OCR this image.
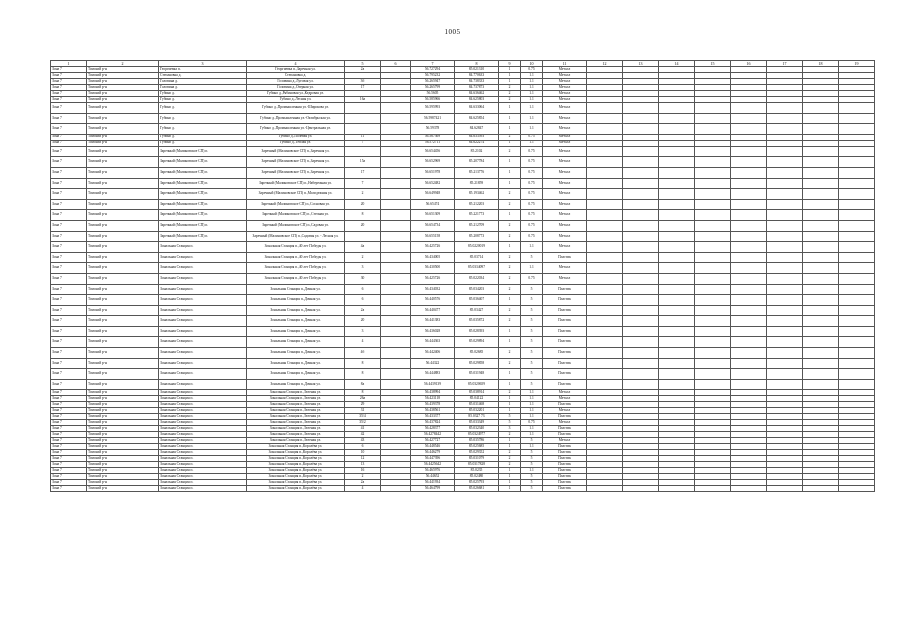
1005
1	2	3	4	5	6	7	8	9	10	11	12	13	14	15	16	17	18	19
Зона 7	Томский р-н	Георгиевка п.	Георгиевка п.,Заречная ул.	2а		56.727294	85.021310	1	0.75	Металл								
Зона 7	Томский р-н	Степановка д.	Степановка д.			56.795232	84.770633	1	1.1	Металл								
Зона 7	Томский р-н	Головина д.	Головина д.,Луговая ул.	3б		56.265947	84.738333	1	1.1	Металл								
Зона 7	Томский р-н	Головина д.	Головина д.,Озерная ул.	17		56.265799	84.737873	2	1.1	Металл								
Зона 7	Томский р-н	Губино д.	Губино д.,Рябиновая ул.,Кедровая ул.			56.5605	84.636462	2	1.1	Металл								
Зона 7	Томский р-н	Губино д.	Губино д.,Лесная ул.	16а		56.585966	84.625803	2	1.1	Металл								
Зона 7	Томский р-н	Губино д.	Губино д.,Промышленная ул.-Широкова ул.			56.595993	84.633064	1	1.1	Металл								
Зона 7	Томский р-н	Губино д.	Губино д.,Промышленная ул.-Октябрьская ул.			56.5987421	84.625854	1	1.1	Металл								
Зона 7	Томский р-н	Губино д.	Губино д.,Промышленная ул.-Центральная ул.			56.59378	84.62847	1	1.1	Металл								
Зона 7	Томский р-н	Губино д.	Губино д.,Полевая ул.	11		56.567369	84.633593	2	0.75	Металл								
Зона 7	Томский р-н	Губино д.	Губино д.,Теплая ул.	7		56.572711	84.622274	1	1.1	Металл								
Зона 7	Томский р-н	Заречный (Малиновское СП) п.	Заречный (Малиновское СП) п.,Заречная ул.			56.654456	85.2102	2	0.75	Металл								
Зона 7	Томский р-н	Заречный (Малиновское СП) п.	Заречный (Малиновское СП) п.,Заречная ул.	15а		56.652969	85.207784	1	0.75	Металл								
Зона 7	Томский р-н	Заречный (Малиновское СП) п.	Заречный (Малиновское СП) п.,Заречная ул.	17		56.651978	85.213776	1	0.75	Металл								
Зона 7	Томский р-н	Заречный (Малиновское СП) п.	Заречный (Малиновское СП) п.,Набережная ул.	7		56.652482	85.21859	1	0.75	Металл								
Зона 7	Томский р-н	Заречный (Малиновское СП) п.	Заречный (Малиновское СП) п.,Молодежная ул.	2		56.649948	85.193462	2	0.75	Металл								
Зона 7	Томский р-н	Заречный (Малиновское СП) п.	Заречный (Малиновское СП) п.,Сосновая ул.	20		56.65474	85.212203	2	0.75	Металл								
Зона 7	Томский р-н	Заречный (Малиновское СП) п.	Заречный (Малиновское СП) п.,Степная ул.	8		56.651309	85.221773	1	0.75	Металл								
Зона 7	Томский р-н	Заречный (Малиновское СП) п.	Заречный (Малиновское СП) п.,Садовая ул.	20		56.654734	85.212709	2	0.75	Металл								
Зона 7	Томский р-н	Заречный (Малиновское СП) п.	Заречный (Малиновское СП) п.,Садовая ул. - Лесная ул.			56.655158	85.208773	2	0.75	Металл								
Зона 7	Томский р-н	Зональная Станция п.	Зональная Станция п.,40 лет Победы ул.	4а		56.425726	85.0220019	1	1.1	Металл								
Зона 7	Томский р-н	Зональная Станция п.	Зональная Станция п.,40 лет Победы ул.	2		56.434005	85.03714	2	5	Пластик								
Зона 7	Томский р-н	Зональная Станция п.	Зональная Станция п.,40 лет Победы ул.	3		56.430500	85.0334097	2	1.1	Металл								
Зона 7	Томский р-н	Зональная Станция п.	Зональная Станция п.,40 лет Победы ул.	30		56.425726	85.022034	2	0.75	Металл								
Зона 7	Томский р-н	Зональная Станция п.	Зональная Станция п.,Дачная ул.	6		56.434032	85.034203	2	5	Пластик								
Зона 7	Томский р-н	Зональная Станция п.	Зональная Станция п.,Дачная ул.	6		56.440576	85.036407	1	5	Пластик								
Зона 7	Томский р-н	Зональная Станция п.	Зональная Станция п.,Дачная ул.	2а		56.440477	85.03427	2	5	Пластик								
Зона 7	Томский р-н	Зональная Станция п.	Зональная Станция п.,Дачная ул.	20		56.441383	85.035872	2	5	Пластик								
Зона 7	Томский р-н	Зональная Станция п.	Зональная Станция п.,Дачная ул.	3		56.436028	85.028393	1	5	Пластик								
Зона 7	Томский р-н	Зональная Станция п.	Зональная Станция п.,Дачная ул.	4		56.444363	85.029894	1	5	Пластик								
Зона 7	Томский р-н	Зональная Станция п.	Зональная Станция п.,Дачная ул.	4б		56.442406	85.02685	2	5	Пластик								
Зона 7	Томский р-н	Зональная Станция п.	Зональная Станция п.,Дачная ул.	8		56.44322	85.029858	2	5	Пластик								
Зона 7	Томский р-н	Зональная Станция п.	Зональная Станция п.,Дачная ул.	8		56.444883	85.031948	1	5	Пластик								
Зона 7	Томский р-н	Зональная Станция п.	Зональная Станция п.,Дачная ул.	8а		56.4439139	85.0320659	1	5	Пластик								
Зона 7	Томский р-н	Зональная Станция п.	Зональная Станция п.,Зеленая ул.	8		56.438994	85.038914	2	1.1	Металл								
Зона 7	Томский р-н	Зональная Станция п.	Зональная Станция п.,Зеленая ул.	26а		56.423118	85.04122	1	1.1	Металл								
Зона 7	Томский р-н	Зональная Станция п.	Зональная Станция п.,Зеленая ул.	29		56.439378	85.031468	1	1.1	Пластик								
Зона 7	Томский р-н	Зональная Станция п.	Зональная Станция п.,Зеленая ул.	31		56.438561	85.032201	1	1.1	Металл								
Зона 7	Томский р-н	Зональная Станция п.	Зональная Станция п.,Зеленая ул.	35/4		56.433377	85.0327 73	5	1.1	Пластик								
Зона 7	Томский р-н	Зональная Станция п.	Зональная Станция п.,Зеленая ул.	35/2		56.437824	85.033349	5	0.75	Металл								
Зона 7	Томский р-н	Зональная Станция п.	Зональная Станция п.,Зеленая ул.	41		56.428377	85.032340	3	1.1	Пластик								
Зона 7	Томский р-н	Зональная Станция п.	Зональная Станция п.,Зеленая ул.	42		56.4278442	85.0324977	2	1.1	Пластик								
Зона 7	Томский р-н	Зональная Станция п.	Зональная Станция п.,Зеленая ул.	43		56.427727	85.035786	1	5	Металл								
Зона 7	Томский р-н	Зональная Станция п.	Зональная Станция п.,Королёва ул.	6		56.448546	85.025685	1	1.1	Пластик								
Зона 7	Томский р-н	Зональная Станция п.	Зональная Станция п.,Королёва ул.	10		56.446279	85.029352	2	5	Пластик								
Зона 7	Томский р-н	Зональная Станция п.	Зональная Станция п.,Королёва ул.	12		56.447396	85.031079	2	5	Пластик								
Зона 7	Томский р-н	Зональная Станция п.	Зональная Станция п.,Королёва ул.	13		56.4425642	85.0317828	2	5	Пластик								
Зона 7	Томский р-н	Зональная Станция п.	Зональная Станция п.,Королёва ул.	16		56.465976	85.0235	1	1.1	Пластик								
Зона 7	Томский р-н	Зональная Станция п.	Зональная Станция п.,Королёва ул.	2		56.44652	85.02480	1	5	Пластик								
Зона 7	Томский р-н	Зональная Станция п.	Зональная Станция п.,Королёва ул.	2а		56.441934	85.025793	1	5	Пластик								
Зона 7	Томский р-н	Зональная Станция п.	Зональная Станция п.,Королёва ул.	4		56.464799	85.026681	1	5	Пластик								
